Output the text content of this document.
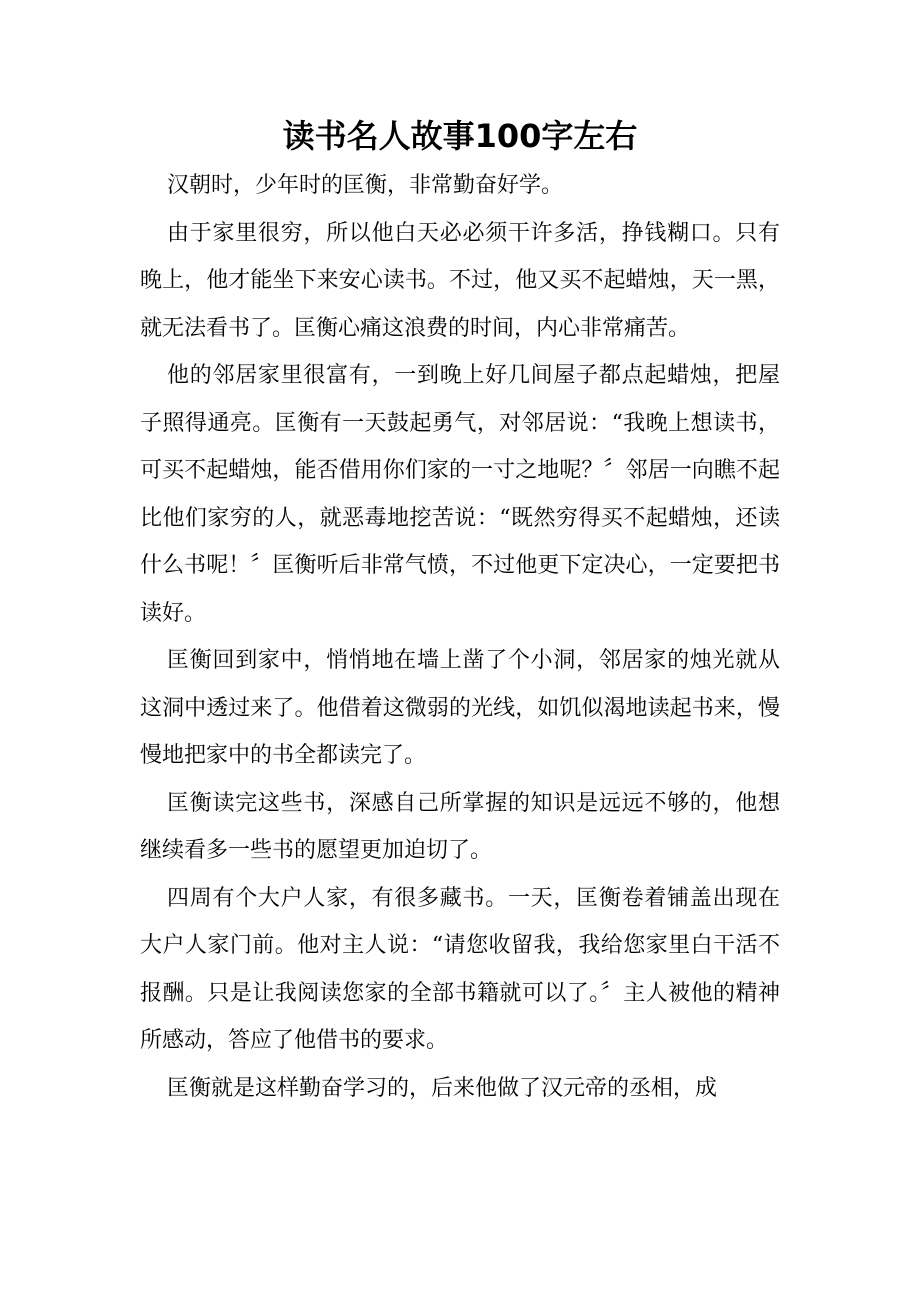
读书名人故事100字左右

汉朝时，少年时的匡衡，非常勤奋好学。

由于家里很穷，所以他白天必必须干许多活，挣钱糊口。只有晚上，他才能坐下来安心读书。不过，他又买不起蜡烛，天一黑，就无法看书了。匡衡心痛这浪费的时间，内心非常痛苦。

他的邻居家里很富有，一到晚上好几间屋子都点起蜡烛，把屋子照得通亮。匡衡有一天鼓起勇气，对邻居说：“我晚上想读书，可买不起蜡烛，能否借用你们家的一寸之地呢？〞邻居一向瞧不起比他们家穷的人，就恶毒地挖苦说：“既然穷得买不起蜡烛，还读什么书呢！〞匡衡听后非常气愤，不过他更下定决心，一定要把书读好。

匡衡回到家中，悄悄地在墙上凿了个小洞，邻居家的烛光就从这洞中透过来了。他借着这微弱的光线，如饥似渴地读起书来，慢慢地把家中的书全都读完了。

匡衡读完这些书，深感自己所掌握的知识是远远不够的，他想继续看多一些书的愿望更加迫切了。

四周有个大户人家，有很多藏书。一天，匡衡卷着铺盖出现在大户人家门前。他对主人说：“请您收留我，我给您家里白干活不报酬。只是让我阅读您家的全部书籍就可以了。〞主人被他的精神所感动，答应了他借书的要求。

匡衡就是这样勤奋学习的，后来他做了汉元帝的丞相，成
